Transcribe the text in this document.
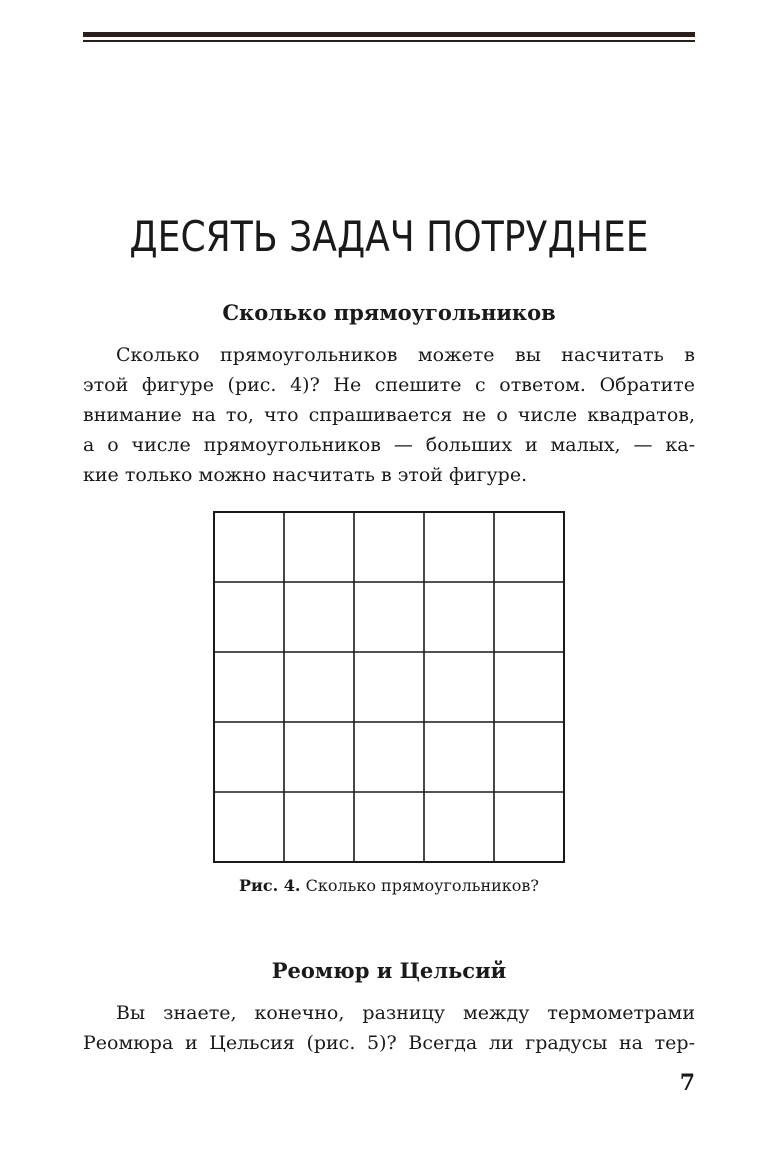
ДЕСЯТЬ ЗАДАЧ ПОТРУДНЕЕ
Сколько прямоугольников
Сколько прямоугольников можете вы насчитать в
этой фигуре (рис. 4)? Не спешите с ответом. Обратите
внимание на то, что спрашивается не о числе квадратов,
а о числе прямоугольников — больших и малых, — ка-
кие только можно насчитать в этой фигуре.
Рис. 4. Сколько прямоугольников?
Реомюр и Цельсий
Вы знаете, конечно, разницу между термометрами
Реомюра и Цельсия (рис. 5)? Всегда ли градусы на тер-
7
